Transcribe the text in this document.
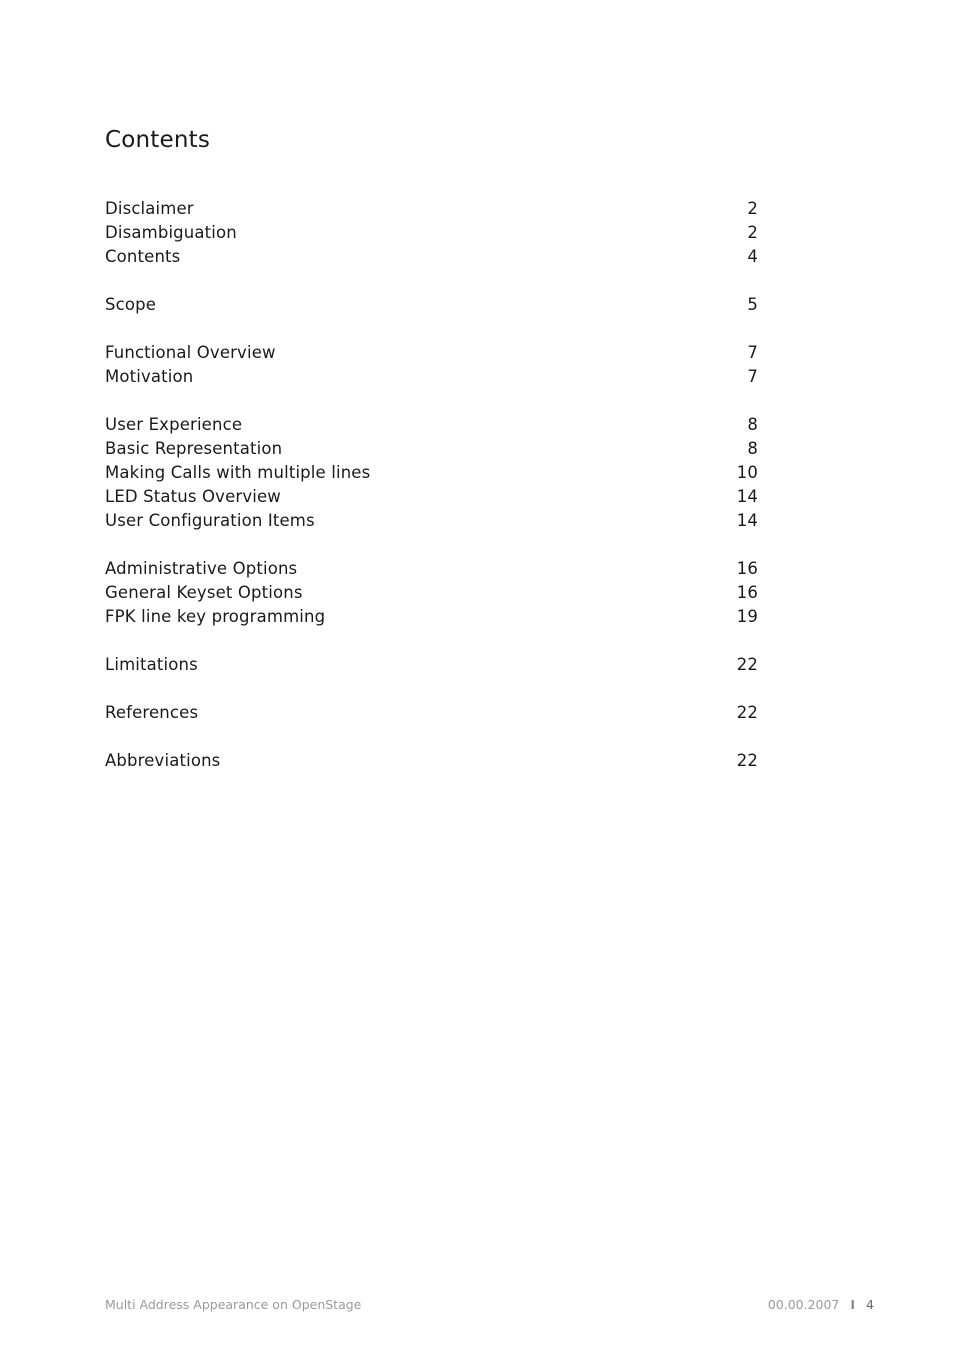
Contents
Disclaimer	2
Disambiguation	2
Contents	4
Scope	5
Functional Overview	7
Motivation	7
User Experience	8
Basic Representation	8
Making Calls with multiple lines	10
LED Status Overview	14
User Configuration Items	14
Administrative Options	16
General Keyset Options	16
FPK line key programming	19
Limitations	22
References	22
Abbreviations	22
Multi Address Appearance on OpenStage	00.00.2007 I 4
